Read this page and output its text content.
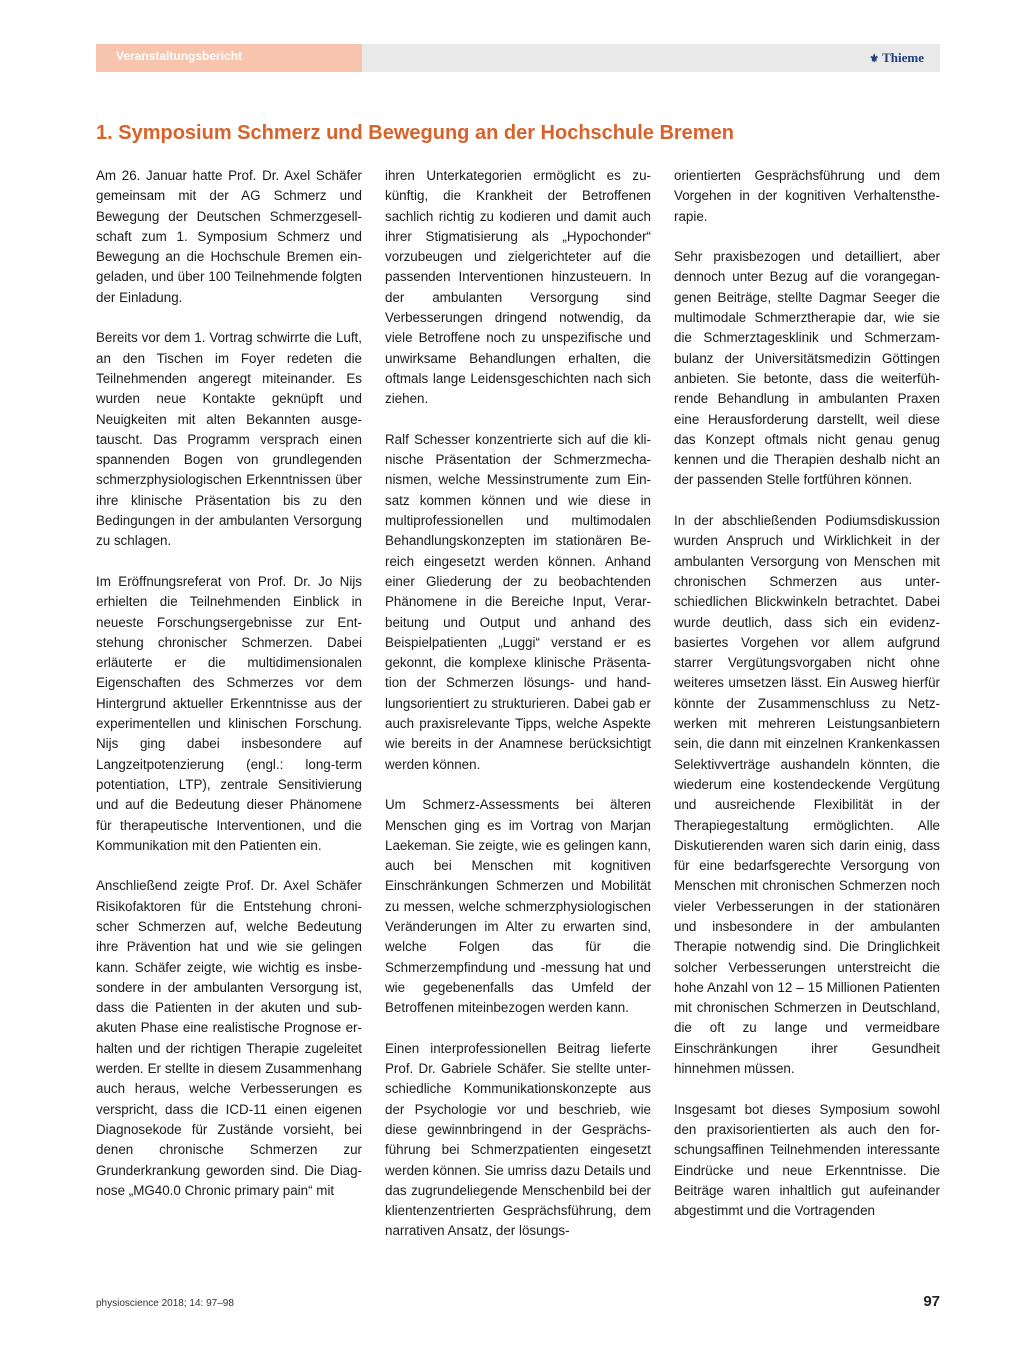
Veranstaltungsbericht	⚜ Thieme
1. Symposium Schmerz und Bewegung an der Hochschule Bremen

Am 26. Januar hatte Prof. Dr. Axel Schäfer gemeinsam mit der AG Schmerz und Bewegung der Deutschen Schmerzgesellschaft zum 1. Symposium Schmerz und Bewegung an die Hochschule Bremen eingeladen, und über 100 Teilnehmende folgten der Einladung.

Bereits vor dem 1. Vortrag schwirrte die Luft, an den Tischen im Foyer redeten die Teilnehmenden angeregt miteinander. Es wurden neue Kontakte geknüpft und Neuigkeiten mit alten Bekannten ausgetauscht. Das Programm versprach einen spannenden Bogen von grundlegenden schmerzphysiologischen Erkenntnissen über ihre klinische Präsentation bis zu den Bedingungen in der ambulanten Versorgung zu schlagen.

Im Eröffnungsreferat von Prof. Dr. Jo Nijs erhielten die Teilnehmenden Einblick in neueste Forschungsergebnisse zur Entstehung chronischer Schmerzen. Dabei erläuterte er die multidimensionalen Eigenschaften des Schmerzes vor dem Hintergrund aktueller Erkenntnisse aus der experimentellen und klinischen Forschung. Nijs ging dabei insbesondere auf Langzeitpotenzierung (engl.: long-term potentiation, LTP), zentrale Sensitivierung und auf die Bedeutung dieser Phänomene für therapeutische Interventionen, und die Kommunikation mit den Patienten ein.

Anschließend zeigte Prof. Dr. Axel Schäfer Risikofaktoren für die Entstehung chronischer Schmerzen auf, welche Bedeutung ihre Prävention hat und wie sie gelingen kann. Schäfer zeigte, wie wichtig es insbesondere in der ambulanten Versorgung ist, dass die Patienten in der akuten und subakuten Phase eine realistische Prognose erhalten und der richtigen Therapie zugeleitet werden. Er stellte in diesem Zusammenhang auch heraus, welche Verbesserungen es verspricht, dass die ICD-11 einen eigenen Diagnosekode für Zustände vorsieht, bei denen chronische Schmerzen zur Grunderkrankung geworden sind. Die Diagnose „MG40.0 Chronic primary pain“ mit

ihren Unterkategorien ermöglicht es zukünftig, die Krankheit der Betroffenen sachlich richtig zu kodieren und damit auch ihrer Stigmatisierung als „Hypochonder“ vorzubeugen und zielgerichteter auf die passenden Interventionen hinzusteuern. In der ambulanten Versorgung sind Verbesserungen dringend notwendig, da viele Betroffene noch zu unspezifische und unwirksame Behandlungen erhalten, die oftmals lange Leidensgeschichten nach sich ziehen.

Ralf Schesser konzentrierte sich auf die klinische Präsentation der Schmerzmechanismen, welche Messinstrumente zum Einsatz kommen können und wie diese in multiprofessionellen und multimodalen Behandlungskonzepten im stationären Bereich eingesetzt werden können. Anhand einer Gliederung der zu beobachtenden Phänomene in die Bereiche Input, Verarbeitung und Output und anhand des Beispielpatienten „Luggi“ verstand er es gekonnt, die komplexe klinische Präsentation der Schmerzen lösungs- und handlungsorientiert zu strukturieren. Dabei gab er auch praxisrelevante Tipps, welche Aspekte wie bereits in der Anamnese berücksichtigt werden können.

Um Schmerz-Assessments bei älteren Menschen ging es im Vortrag von Marjan Laekeman. Sie zeigte, wie es gelingen kann, auch bei Menschen mit kognitiven Einschränkungen Schmerzen und Mobilität zu messen, welche schmerzphysiologischen Veränderungen im Alter zu erwarten sind, welche Folgen das für die Schmerzempfindung und -messung hat und wie gegebenenfalls das Umfeld der Betroffenen miteinbezogen werden kann.

Einen interprofessionellen Beitrag lieferte Prof. Dr. Gabriele Schäfer. Sie stellte unterschiedliche Kommunikationskonzepte aus der Psychologie vor und beschrieb, wie diese gewinnbringend in der Gesprächsführung bei Schmerzpatienten eingesetzt werden können. Sie umriss dazu Details und das zugrundeliegende Menschenbild bei der klientenzentrierten Gesprächsführung, dem narrativen Ansatz, der lösungs-

orientierten Gesprächsführung und dem Vorgehen in der kognitiven Verhaltenstherapie.

Sehr praxisbezogen und detailliert, aber dennoch unter Bezug auf die vorangegangenen Beiträge, stellte Dagmar Seeger die multimodale Schmerztherapie dar, wie sie die Schmerztagesklinik und Schmerzambulanz der Universitätsmedizin Göttingen anbieten. Sie betonte, dass die weiterführende Behandlung in ambulanten Praxen eine Herausforderung darstellt, weil diese das Konzept oftmals nicht genau genug kennen und die Therapien deshalb nicht an der passenden Stelle fortführen können.

In der abschließenden Podiumsdiskussion wurden Anspruch und Wirklichkeit in der ambulanten Versorgung von Menschen mit chronischen Schmerzen aus unterschiedlichen Blickwinkeln betrachtet. Dabei wurde deutlich, dass sich ein evidenzbasiertes Vorgehen vor allem aufgrund starrer Vergütungsvorgaben nicht ohne weiteres umsetzen lässt. Ein Ausweg hierfür könnte der Zusammenschluss zu Netzwerken mit mehreren Leistungsanbietern sein, die dann mit einzelnen Krankenkassen Selektivverträge aushandeln könnten, die wiederum eine kostendeckende Vergütung und ausreichende Flexibilität in der Therapiegestaltung ermöglichten. Alle Diskutierenden waren sich darin einig, dass für eine bedarfsgerechte Versorgung von Menschen mit chronischen Schmerzen noch vieler Verbesserungen in der stationären und insbesondere in der ambulanten Therapie notwendig sind. Die Dringlichkeit solcher Verbesserungen unterstreicht die hohe Anzahl von 12 – 15 Millionen Patienten mit chronischen Schmerzen in Deutschland, die oft zu lange und vermeidbare Einschränkungen ihrer Gesundheit hinnehmen müssen.

Insgesamt bot dieses Symposium sowohl den praxisorientierten als auch den forschungsaffinen Teilnehmenden interessante Eindrücke und neue Erkenntnisse. Die Beiträge waren inhaltlich gut aufeinander abgestimmt und die Vortragenden

physioscience 2018; 14: 97–98	97
